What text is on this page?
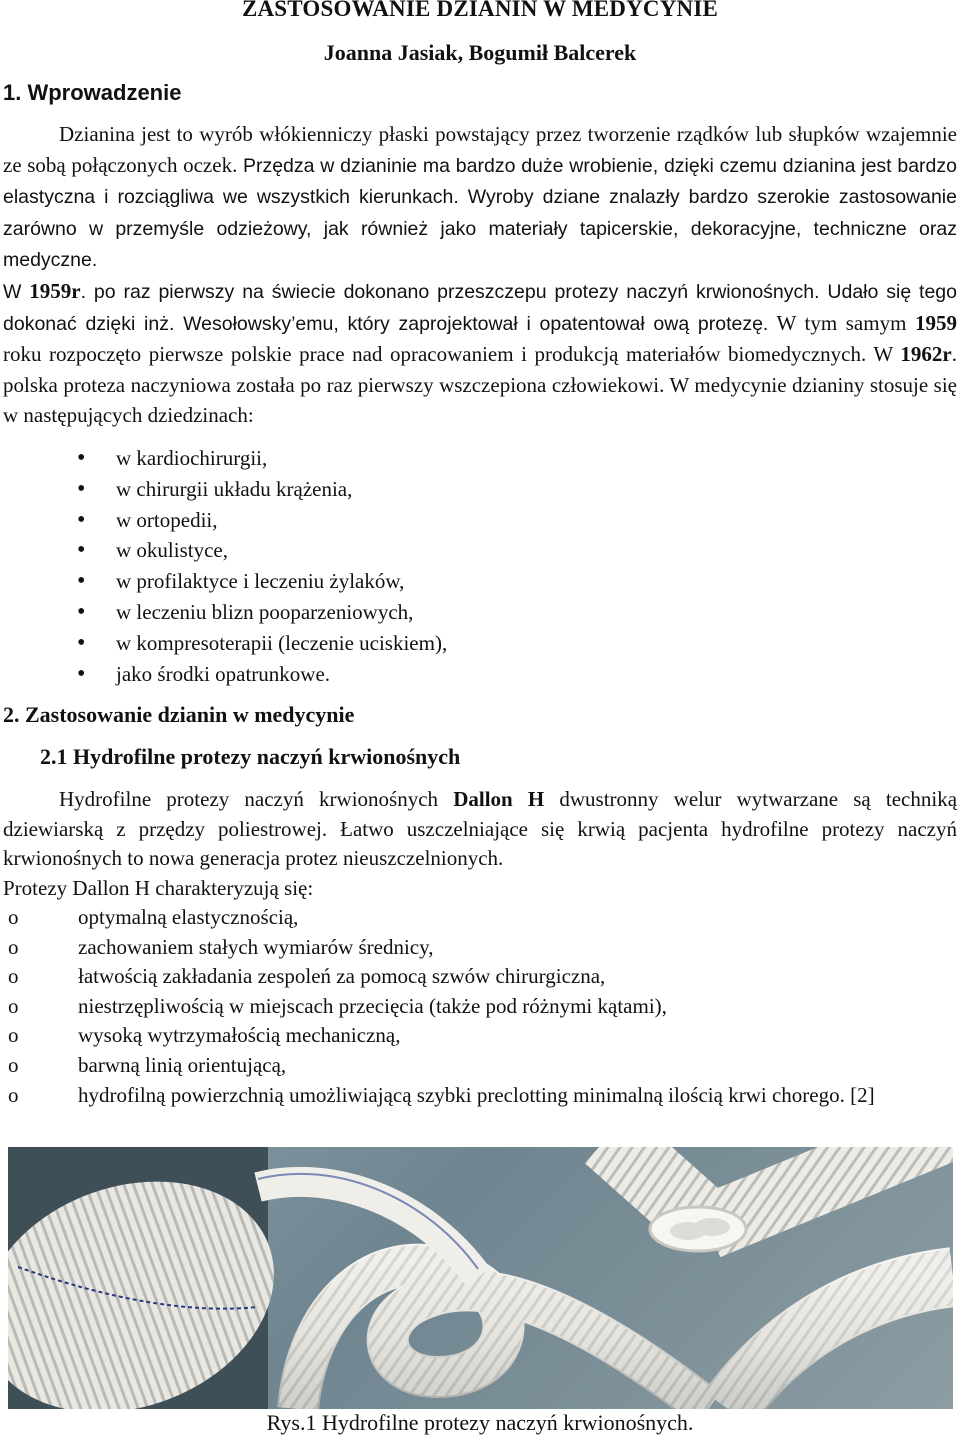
ZASTOSOWANIE DZIANIN W MEDYCYNIE
Joanna Jasiak, Bogumił Balcerek
1. Wprowadzenie

Dzianina jest to wyrób włókienniczy płaski powstający przez tworzenie rządków lub słupków wzajemnie ze sobą połączonych oczek. Przędza w dzianinie ma bardzo duże wrobienie, dzięki czemu dzianina jest bardzo elastyczna i rozciągliwa we wszystkich kierunkach. Wyroby dziane znalazły bardzo szerokie zastosowanie zarówno w przemyśle odzieżowy, jak również jako materiały tapicerskie, dekoracyjne, techniczne oraz medyczne.

W 1959r. po raz pierwszy na świecie dokonano przeszczepu protezy naczyń krwionośnych. Udało się tego dokonać dzięki inż. Wesołowsky’emu, który zaprojektował i opatentował ową protezę. W tym samym 1959 roku rozpoczęto pierwsze polskie prace nad opracowaniem i produkcją materiałów biomedycznych. W 1962r. polska proteza naczyniowa została po raz pierwszy wszczepiona człowiekowi. W medycynie dzianiny stosuje się w następujących dziedzinach:

• w kardiochirurgii,
• w chirurgii układu krążenia,
• w ortopedii,
• w okulistyce,
• w profilaktyce i leczeniu żylaków,
• w leczeniu blizn pooparzeniowych,
• w kompresoterapii (leczenie uciskiem),
• jako środki opatrunkowe.
2. Zastosowanie dzianin w medycynie
2.1 Hydrofilne protezy naczyń krwionośnych

Hydrofilne protezy naczyń krwionośnych Dallon H dwustronny welur wytwarzane są techniką dziewiarską z przędzy poliestrowej. Łatwo uszczelniające się krwią pacjenta hydrofilne protezy naczyń krwionośnych to nowa generacja protez nieuszczelnionych.

Protezy Dallon H charakteryzują się:

o	optymalną elastycznością,
o	zachowaniem stałych wymiarów średnicy,
o	łatwością zakładania zespoleń za pomocą szwów chirurgiczna,
o	niestrzępliwością w miejscach przecięcia (także pod różnymi kątami),
o	wysoką wytrzymałością mechaniczną,
o	barwną linią orientującą,
o	hydrofilną powierzchnią umożliwiającą szybki preclotting minimalną ilością krwi chorego. [2]
Rys.1 Hydrofilne protezy naczyń krwionośnych.
